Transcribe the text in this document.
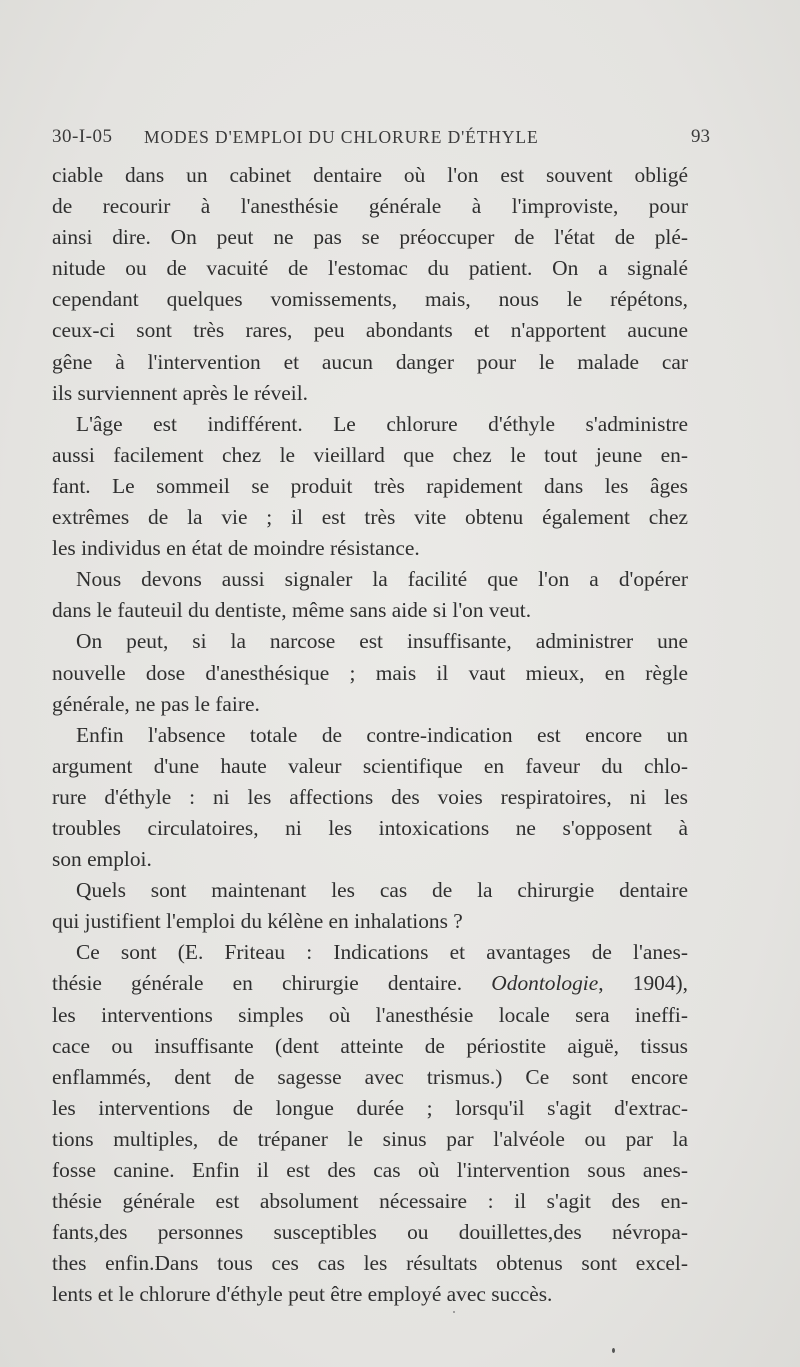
30-I-05 MODES D'EMPLOI DU CHLORURE D'ÉTHYLE	93

ciable dans un cabinet dentaire où l'on est souvent obligé
de recourir à l'anesthésie générale à l'improviste, pour
ainsi dire. On peut ne pas se préoccuper de l'état de plé-
nitude ou de vacuité de l'estomac du patient. On a signalé
cependant quelques vomissements, mais, nous le répétons,
ceux-ci sont très rares, peu abondants et n'apportent aucune
gêne à l'intervention et aucun danger pour le malade car
ils surviennent après le réveil.

L'âge est indifférent. Le chlorure d'éthyle s'administre
aussi facilement chez le vieillard que chez le tout jeune en-
fant. Le sommeil se produit très rapidement dans les âges
extrêmes de la vie ; il est très vite obtenu également chez
les individus en état de moindre résistance.

Nous devons aussi signaler la facilité que l'on a d'opérer
dans le fauteuil du dentiste, même sans aide si l'on veut.

On peut, si la narcose est insuffisante, administrer une
nouvelle dose d'anesthésique ; mais il vaut mieux, en règle
générale, ne pas le faire.

Enfin l'absence totale de contre-indication est encore un
argument d'une haute valeur scientifique en faveur du chlo-
rure d'éthyle : ni les affections des voies respiratoires, ni les
troubles circulatoires, ni les intoxications ne s'opposent à
son emploi.

Quels sont maintenant les cas de la chirurgie dentaire
qui justifient l'emploi du kélène en inhalations ?

Ce sont (E. Friteau : Indications et avantages de l'anes-
thésie générale en chirurgie dentaire. Odontologie, 1904),
les interventions simples où l'anesthésie locale sera ineffi-
cace ou insuffisante (dent atteinte de périostite aiguë, tissus
enflammés, dent de sagesse avec trismus.) Ce sont encore
les interventions de longue durée ; lorsqu'il s'agit d'extrac-
tions multiples, de trépaner le sinus par l'alvéole ou par la
fosse canine. Enfin il est des cas où l'intervention sous anes-
thésie générale est absolument nécessaire : il s'agit des en-
fants,des personnes susceptibles ou douillettes,des névropa-
thes enfin.Dans tous ces cas les résultats obtenus sont excel-
lents et le chlorure d'éthyle peut être employé avec succès.
